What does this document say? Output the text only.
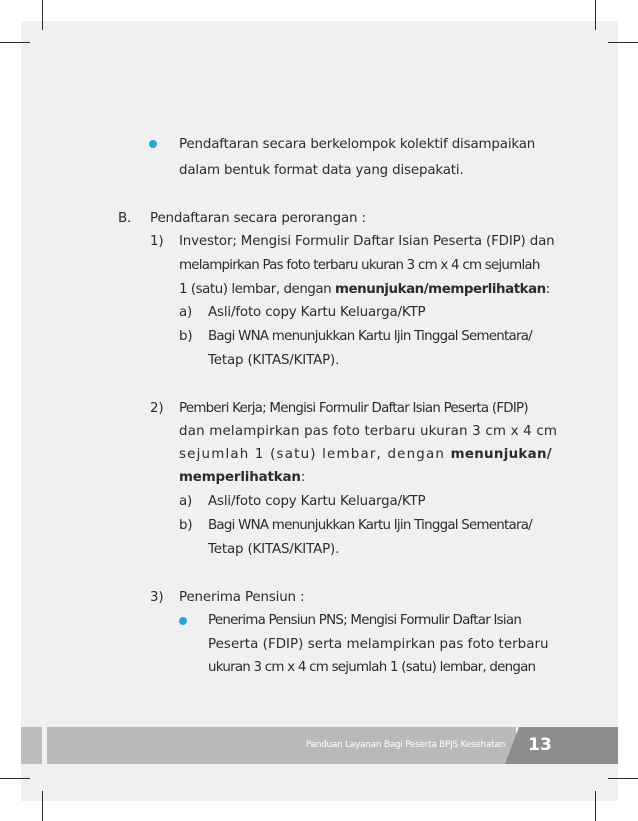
Pendaftaran secara berkelompok kolektif disampaikan
dalam bentuk format data yang disepakati.
B. Pendaftaran secara perorangan :
1) Investor; Mengisi Formulir Daftar Isian Peserta (FDIP) dan
melampirkan Pas foto terbaru ukuran 3 cm x 4 cm sejumlah
1 (satu) lembar, dengan menunjukan/memperlihatkan:
a) Asli/foto copy Kartu Keluarga/KTP
b) Bagi WNA menunjukkan Kartu Ijin Tinggal Sementara/
Tetap (KITAS/KITAP).
2) Pemberi Kerja; Mengisi Formulir Daftar Isian Peserta (FDIP)
dan melampirkan pas foto terbaru ukuran 3 cm x 4 cm
sejumlah 1 (satu) lembar, dengan menunjukan/
memperlihatkan:
a) Asli/foto copy Kartu Keluarga/KTP
b) Bagi WNA menunjukkan Kartu Ijin Tinggal Sementara/
Tetap (KITAS/KITAP).
3) Penerima Pensiun :
Penerima Pensiun PNS; Mengisi Formulir Daftar Isian
Peserta (FDIP) serta melampirkan pas foto terbaru
ukuran 3 cm x 4 cm sejumlah 1 (satu) lembar, dengan
Panduan Layanan Bagi Peserta BPJS Kesehatan	13
